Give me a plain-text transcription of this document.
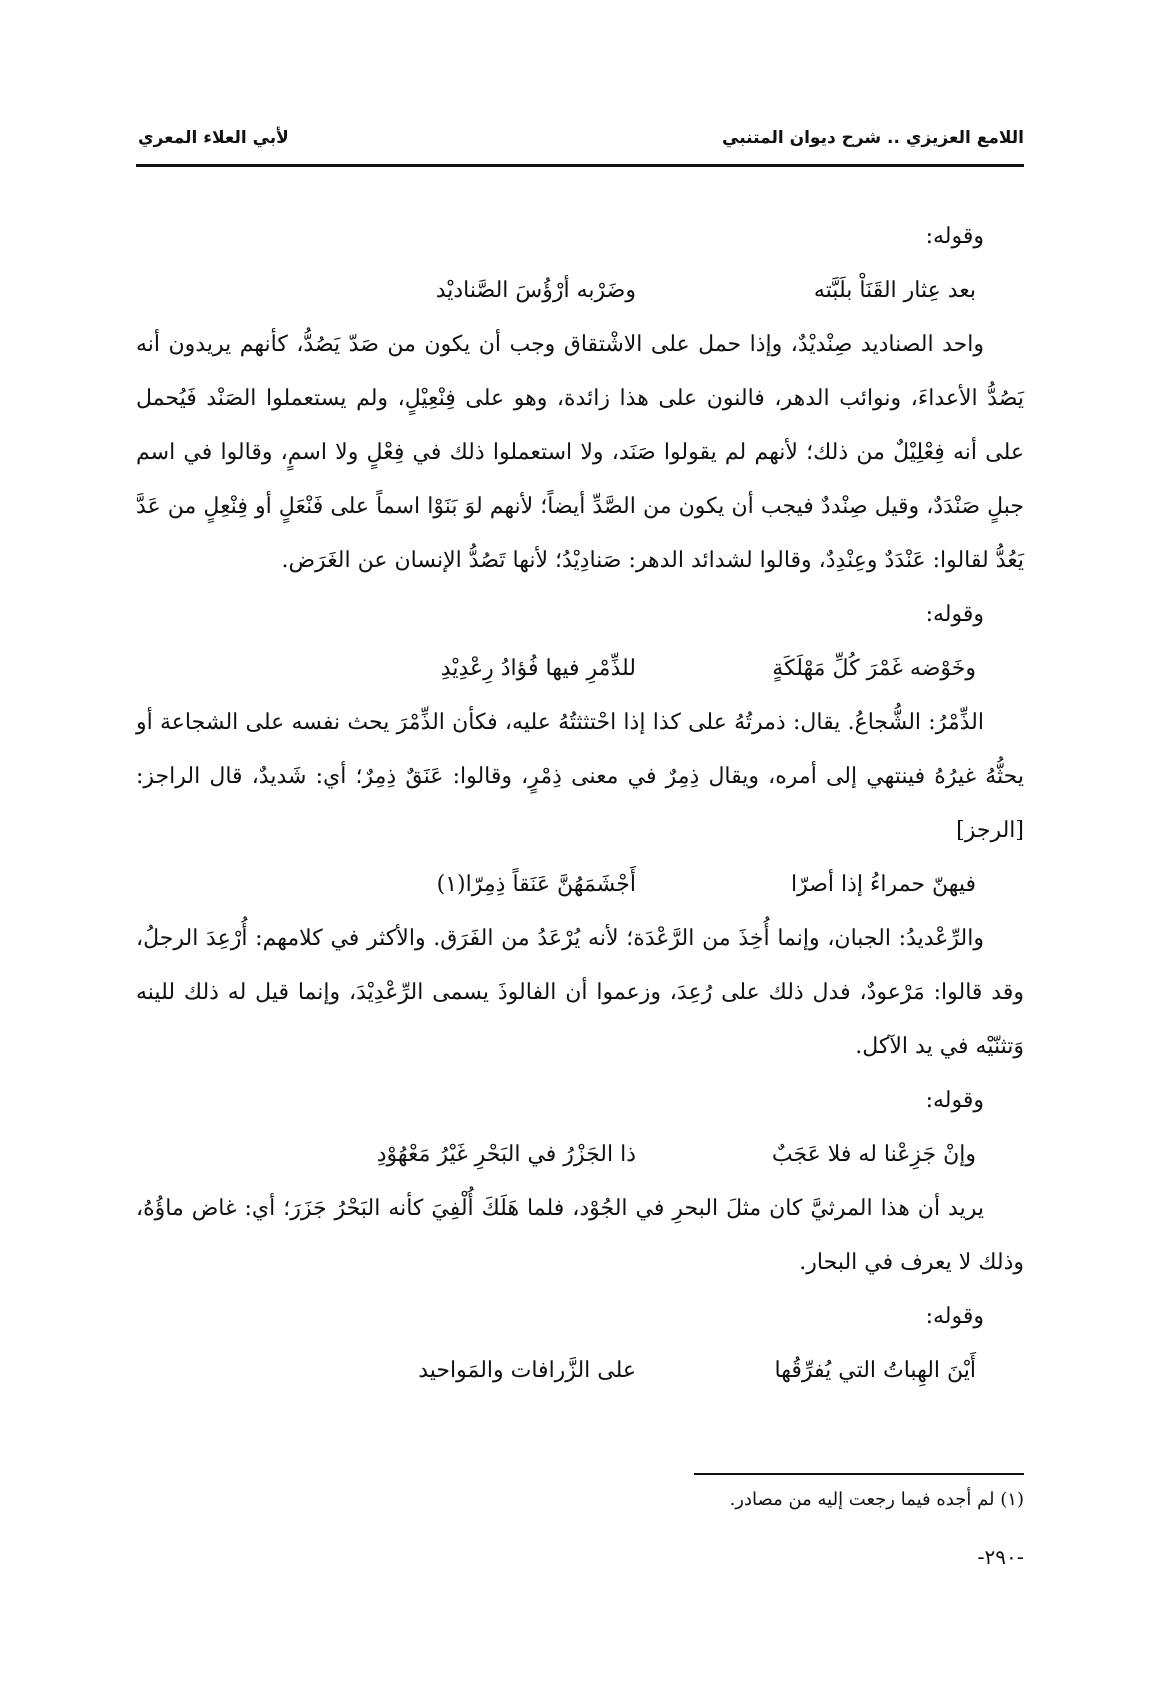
اللامع العزيزي .. شرح ديوان المتنبي
لأبي العلاء المعري

وقوله:

بعد عِثار القَنَاْ بلَبَّته
وضَرْبه أرْؤُسَ الصَّناديْد

واحد الصناديد صِنْديْدٌ، وإذا حمل على الاشْتقاق وجب أن يكون من صَدّ يَصُدُّ، كأنهم يريدون أنه يَصُدُّ الأعداءَ، ونوائب الدهر، فالنون على هذا زائدة، وهو على فِنْعِيْلٍ، ولم يستعملوا الصَنْد فَيُحمل على أنه فِعْلِيْلٌ من ذلك؛ لأنهم لم يقولوا صَنَد، ولا استعملوا ذلك في فِعْلٍ ولا اسمٍ، وقالوا في اسم جبلٍ صَنْدَدٌ، وقيل صِنْددٌ فيجب أن يكون من الصَّدِّ أيضاً؛ لأنهم لوَ بَنَوْا اسماً على فَنْعَلٍ أو فِنْعِلٍ من عَدَّ يَعُدُّ لقالوا: عَنْدَدٌ وعِنْدِدٌ، وقالوا لشدائد الدهر: صَنادِيْدُ؛ لأنها تَصُدُّ الإنسان عن الغَرَض.

وقوله:

وخَوْضه غَمْرَ كُلِّ مَهْلَكَةٍ
للذِّمْرِ فيها فُؤادُ رِعْدِيْدِ

الذِّمْرُ: الشُّجاعُ. يقال: ذمرتُهُ على كذا إذا احْتثثتُهُ عليه، فكأن الذِّمْرَ يحث نفسه على الشجاعة أو يحثُّهُ غيرُهُ فينتهي إلى أمره، ويقال ذِمِرٌ في معنى ذِمْرٍ، وقالوا: عَنَقٌ ذِمِرٌ؛ أي: شَديدٌ، قال الراجز: [الرجز]

فيهنّ حمراءُ إذا أصرّا
أَجْشَمَهُنَّ عَنَقاً ذِمِرّا(١)

والرِّعْديدُ: الجبان، وإنما أُخِذَ من الرَّعْدَة؛ لأنه يُرْعَدُ من الفَرَق. والأكثر في كلامهم: أُرْعِدَ الرجلُ، وقد قالوا: مَرْعودٌ، فدل ذلك على رُعِدَ، وزعموا أن الفالوذَ يسمى الرِّعْدِيْدَ، وإنما قيل له ذلك للينه وَتثنّيْه في يد الآكل.

وقوله:

وإنْ جَزِعْنا له فلا عَجَبٌ
ذا الجَزْرُ في البَحْرِ غَيْرُ مَعْهُوْدِ

يريد أن هذا المرثيَّ كان مثلَ البحرِ في الجُوْد، فلما هَلَكَ أُلْفِيَ كأنه البَحْرُ جَزَرَ؛ أي: غاض ماؤُهُ، وذلك لا يعرف في البحار.

وقوله:

أَيْنَ الهِباتُ التي يُفرِّقُها
على الزَّرافات والمَواحيد
(١) لم أجده فيما رجعت إليه من مصادر.
-٢٩٠-
